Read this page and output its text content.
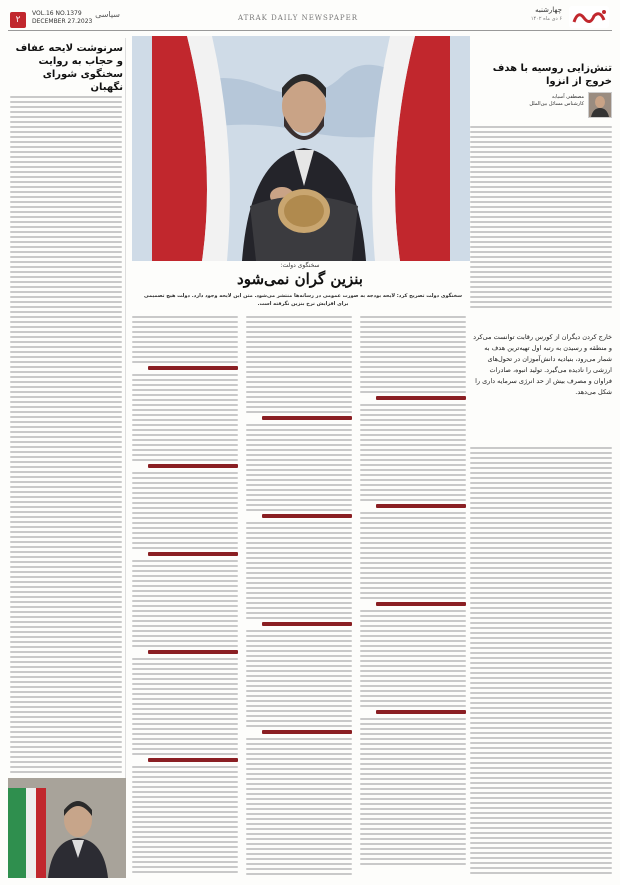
۲
VOL.16 NO.1379
DECEMBER 27.2023
سیاسی	ATRAK DAILY NEWSPAPER
چهارشنبه
۶ دی ماه ۱۴۰۲
سرنوشت لایحه عفاف و حجاب به روایت سخنگوی شورای نگهبان
سخنگوی دولت:
بنزین گران نمی‌شود
سخنگوی دولت تصریح کرد: لایحه بودجه به صورت عمومی در رسانه‌ها منتشر می‌شود. متن این لایحه وجود دارد. دولت هیچ تصمیمی برای افزایش نرخ بنزین نگرفته است.
تنش‌زایی روسیه با هدف خروج از انزوا
مصطفی آسیابه
کارشناس مسائل بین‌الملل
خارج کردن دیگران از کورس رقابت توانست می‌کرد و منطقه و رسیدن به رتبه اول تهیه‌ترین هدف به شمار می‌رود، بنیادیه دانش‌آموزان در تحول‌های ارزشی را نادیده می‌گیرد. تولید انبوه، صادرات فراوان و مصرف بیش از حد انرژی سرمایه داری را شکل می‌دهد.
